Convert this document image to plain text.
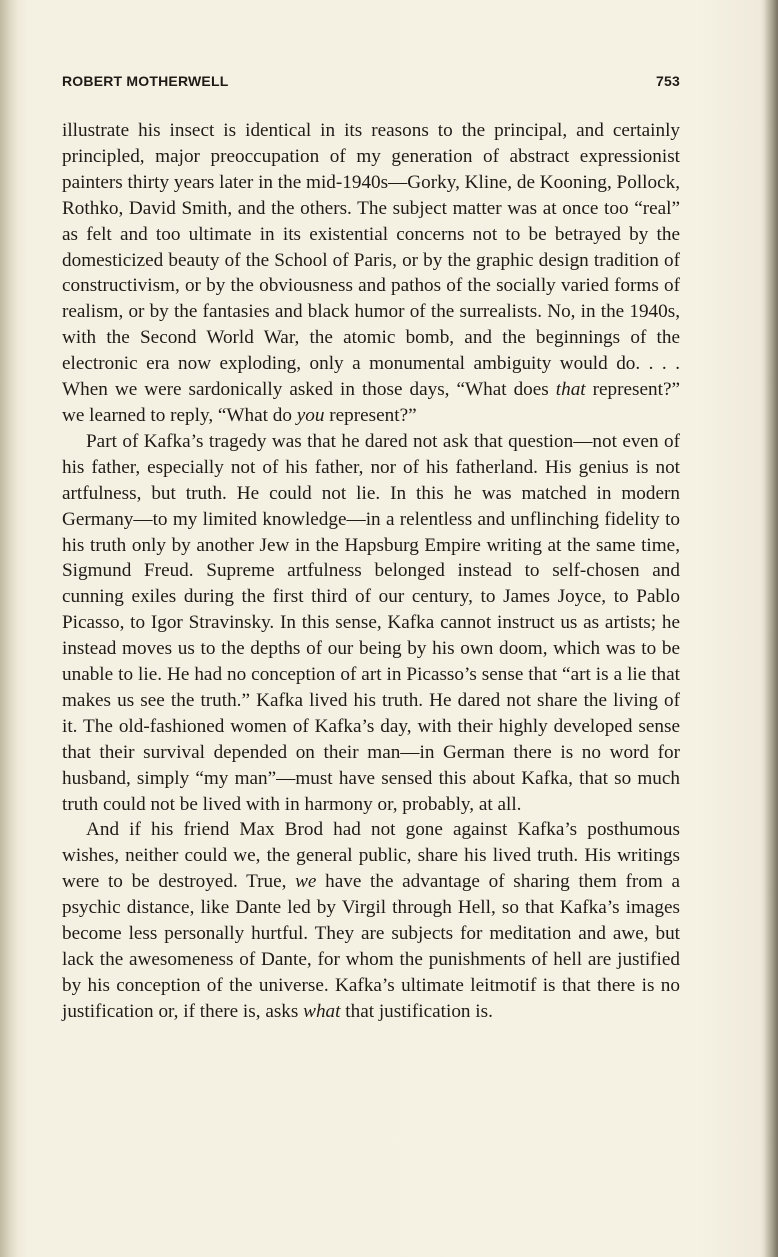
ROBERT MOTHERWELL	753

illustrate his insect is identical in its reasons to the principal, and certainly principled, major preoccupation of my generation of abstract expressionist painters thirty years later in the mid-1940s—Gorky, Kline, de Kooning, Pollock, Rothko, David Smith, and the others. The subject matter was at once too “real” as felt and too ultimate in its existential concerns not to be betrayed by the domesticized beauty of the School of Paris, or by the graphic design tradition of constructivism, or by the obviousness and pathos of the socially varied forms of realism, or by the fantasies and black humor of the surrealists. No, in the 1940s, with the Second World War, the atomic bomb, and the beginnings of the electronic era now exploding, only a monumental ambiguity would do. . . . When we were sardonically asked in those days, “What does that represent?” we learned to reply, “What do you represent?”

Part of Kafka’s tragedy was that he dared not ask that question—not even of his father, especially not of his father, nor of his fatherland. His genius is not artfulness, but truth. He could not lie. In this he was matched in modern Germany—to my limited knowledge—in a relentless and unflinching fidelity to his truth only by another Jew in the Hapsburg Empire writing at the same time, Sigmund Freud. Supreme artfulness belonged instead to self-chosen and cunning exiles during the first third of our century, to James Joyce, to Pablo Picasso, to Igor Stravinsky. In this sense, Kafka cannot instruct us as artists; he instead moves us to the depths of our being by his own doom, which was to be unable to lie. He had no conception of art in Picasso’s sense that “art is a lie that makes us see the truth.” Kafka lived his truth. He dared not share the living of it. The old-fashioned women of Kafka’s day, with their highly developed sense that their survival depended on their man—in German there is no word for husband, simply “my man”—must have sensed this about Kafka, that so much truth could not be lived with in harmony or, probably, at all.

And if his friend Max Brod had not gone against Kafka’s posthumous wishes, neither could we, the general public, share his lived truth. His writings were to be destroyed. True, we have the advantage of sharing them from a psychic distance, like Dante led by Virgil through Hell, so that Kafka’s images become less personally hurtful. They are subjects for meditation and awe, but lack the awesomeness of Dante, for whom the punishments of hell are justified by his conception of the universe. Kafka’s ultimate leitmotif is that there is no justification or, if there is, asks what that justification is.
